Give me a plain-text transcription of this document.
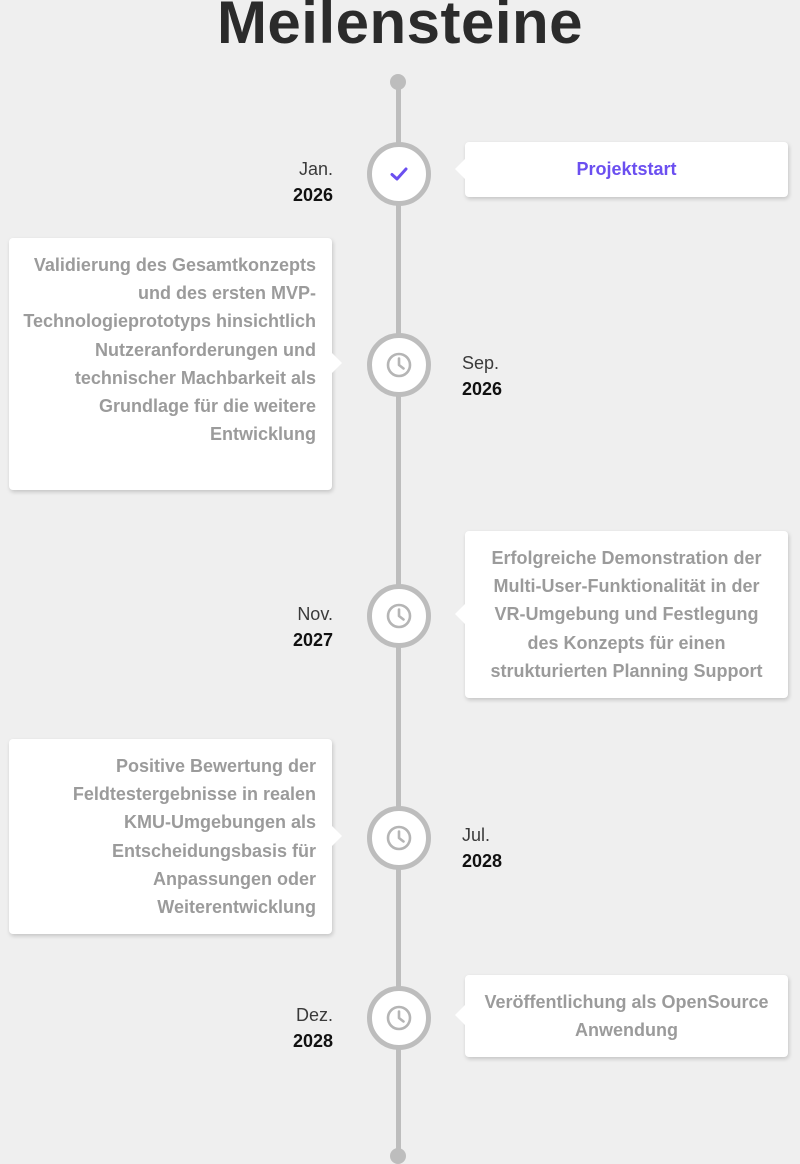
Meilensteine
Jan.
2026
Projektstart
Validierung des Gesamtkonzepts und des ersten MVP-Technologieprototyps hinsichtlich Nutzeranforderungen und technischer Machbarkeit als Grundlage für die weitere Entwicklung
Sep.
2026
Nov.
2027
Erfolgreiche Demonstration der Multi-User-Funktionalität in der VR-Umgebung und Festlegung des Konzepts für einen strukturierten Planning Support
Positive Bewertung der Feldtestergebnisse in realen KMU-Umgebungen als Entscheidungsbasis für Anpassungen oder Weiterentwicklung
Jul.
2028
Dez.
2028
Veröffentlichung als OpenSource Anwendung
